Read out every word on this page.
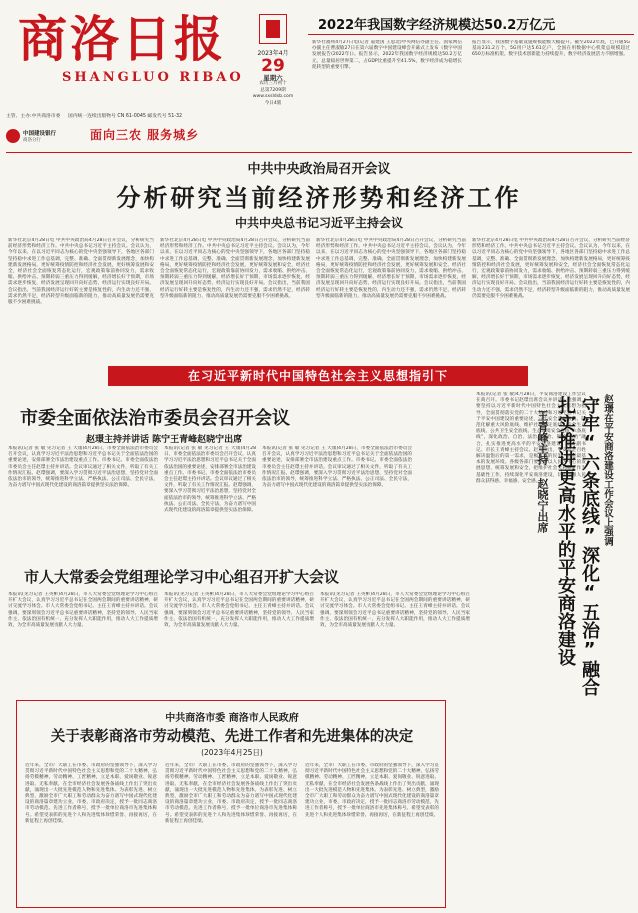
商洛日报
SHANGLUO RIBAO
主管、主办:中共商洛市委 国内统一连续出版物号 CN 61-0045 邮发代号 51-32
中国建设银行
商洛分行	面向三农 服务城乡
2023年4月
29
星期六
农历三月初十
总第7209期
www.sxsldsb.com
今日4版
2022年我国数字经济规模达50.2万亿元
新华社福州4月27日电(记者 董建国 王思北)中央网信办副主任、国家网信办副主任曹淑敏27日在第六届数字中国建设峰会开幕式上发布《数字中国发展报告(2022年)》。报告显示，2022年我国数字经济规模达50.2万亿元，总量稳居世界第二，占GDP比重提升至41.5%，数字经济成为稳增长促转型的重要引擎。
报告显示，我国数字基础设施规模能级大幅提升。截至2022年底，已开通5G基站231.2万个，5G用户达5.61亿户，全国在用数据中心机架总规模超过650万标准机架。数字技术创新能力持续提升，数字经济发展活力不断增强。
中共中央政治局召开会议
分析研究当前经济形势和经济工作
中共中央总书记习近平主持会议
新华社北京4月28日电 中共中央政治局4月28日召开会议，分析研究当前经济形势和经济工作。中共中央总书记习近平主持会议。会议认为，今年以来，在以习近平同志为核心的党中央坚强领导下，各地区各部门坚持稳中求进工作总基调，完整、准确、全面贯彻新发展理念，加快构建新发展格局，更好统筹疫情防控和经济社会发展，更好统筹发展和安全，经济社会全面恢复常态化运行，宏观政策靠前协同发力，需求收缩、供给冲击、预期转弱三重压力得到缓解，经济增长好于预期，市场需求逐步恢复，经济发展呈现回升向好态势，经济运行实现良好开局。会议指出，当前我国经济运行好转主要是恢复性的，内生动力还不强，需求仍然不足，经济转型升级面临新的阻力，推动高质量发展仍需要克服不少困难挑战。
新华社北京4月28日电 中共中央政治局4月28日召开会议，分析研究当前经济形势和经济工作。中共中央总书记习近平主持会议。会议认为，今年以来，在以习近平同志为核心的党中央坚强领导下，各地区各部门坚持稳中求进工作总基调，完整、准确、全面贯彻新发展理念，加快构建新发展格局，更好统筹疫情防控和经济社会发展，更好统筹发展和安全，经济社会全面恢复常态化运行，宏观政策靠前协同发力，需求收缩、供给冲击、预期转弱三重压力得到缓解，经济增长好于预期，市场需求逐步恢复，经济发展呈现回升向好态势，经济运行实现良好开局。会议指出，当前我国经济运行好转主要是恢复性的，内生动力还不强，需求仍然不足，经济转型升级面临新的阻力，推动高质量发展仍需要克服不少困难挑战。
新华社北京4月28日电 中共中央政治局4月28日召开会议，分析研究当前经济形势和经济工作。中共中央总书记习近平主持会议。会议认为，今年以来，在以习近平同志为核心的党中央坚强领导下，各地区各部门坚持稳中求进工作总基调，完整、准确、全面贯彻新发展理念，加快构建新发展格局，更好统筹疫情防控和经济社会发展，更好统筹发展和安全，经济社会全面恢复常态化运行，宏观政策靠前协同发力，需求收缩、供给冲击、预期转弱三重压力得到缓解，经济增长好于预期，市场需求逐步恢复，经济发展呈现回升向好态势，经济运行实现良好开局。会议指出，当前我国经济运行好转主要是恢复性的，内生动力还不强，需求仍然不足，经济转型升级面临新的阻力，推动高质量发展仍需要克服不少困难挑战。
新华社北京4月28日电 中共中央政治局4月28日召开会议，分析研究当前经济形势和经济工作。中共中央总书记习近平主持会议。会议认为，今年以来，在以习近平同志为核心的党中央坚强领导下，各地区各部门坚持稳中求进工作总基调，完整、准确、全面贯彻新发展理念，加快构建新发展格局，更好统筹疫情防控和经济社会发展，更好统筹发展和安全，经济社会全面恢复常态化运行，宏观政策靠前协同发力，需求收缩、供给冲击、预期转弱三重压力得到缓解，经济增长好于预期，市场需求逐步恢复，经济发展呈现回升向好态势，经济运行实现良好开局。会议指出，当前我国经济运行好转主要是恢复性的，内生动力还不强，需求仍然不足，经济转型升级面临新的阻力，推动高质量发展仍需要克服不少困难挑战。
在习近平新时代中国特色社会主义思想指引下
市委全面依法治市委员会召开会议
赵璟主持并讲话 陈宁王青峰赵晓宁出席
本报讯(记者 张 敏 见习记者 王 大康)4月28日，市委全面依法治市委员会召开会议，认真学习习近平法治思想和习近平总书记关于全面依法治国的重要论述，安排部署全市法治建设重点工作。市委书记、市委全面依法治市委员会主任赵璟主持并讲话。会议审议通过了相关文件，听取了有关工作情况汇报。赵璟强调，要深入学习贯彻习近平法治思想，坚持党对全面依法治市的领导，统筹推进科学立法、严格执法、公正司法、全民守法，为奋力谱写中国式现代化建设的商洛篇章提供坚实法治保障。
本报讯(记者 张 敏 见习记者 王 大康)4月28日，市委全面依法治市委员会召开会议，认真学习习近平法治思想和习近平总书记关于全面依法治国的重要论述，安排部署全市法治建设重点工作。市委书记、市委全面依法治市委员会主任赵璟主持并讲话。会议审议通过了相关文件，听取了有关工作情况汇报。赵璟强调，要深入学习贯彻习近平法治思想，坚持党对全面依法治市的领导，统筹推进科学立法、严格执法、公正司法、全民守法，为奋力谱写中国式现代化建设的商洛篇章提供坚实法治保障。
本报讯(记者 张 敏 见习记者 王 大康)4月28日，市委全面依法治市委员会召开会议，认真学习习近平法治思想和习近平总书记关于全面依法治国的重要论述，安排部署全市法治建设重点工作。市委书记、市委全面依法治市委员会主任赵璟主持并讲话。会议审议通过了相关文件，听取了有关工作情况汇报。赵璟强调，要深入学习贯彻习近平法治思想，坚持党对全面依法治市的领导，统筹推进科学立法、严格执法、公正司法、全民守法，为奋力谱写中国式现代化建设的商洛篇章提供坚实法治保障。
市人大常委会党组理论学习中心组召开扩大会议
本报讯(见习记者 王英彬)4月28日，市人大常委会党组理论学习中心组召开扩大会议，认真学习习近平总书记在全国两会期间的重要讲话精神，研讨交流学习体会。市人大常委会党组书记、主任王青峰主持并讲话。会议强调，要深刻领会习近平总书记重要讲话精神，坚持党的领导、人民当家作主、依法治国有机统一，充分发挥人大职能作用，推动人大工作提质增效，为全市高质量发展贡献人大力量。
本报讯(见习记者 王英彬)4月28日，市人大常委会党组理论学习中心组召开扩大会议，认真学习习近平总书记在全国两会期间的重要讲话精神，研讨交流学习体会。市人大常委会党组书记、主任王青峰主持并讲话。会议强调，要深刻领会习近平总书记重要讲话精神，坚持党的领导、人民当家作主、依法治国有机统一，充分发挥人大职能作用，推动人大工作提质增效，为全市高质量发展贡献人大力量。
本报讯(见习记者 王英彬)4月28日，市人大常委会党组理论学习中心组召开扩大会议，认真学习习近平总书记在全国两会期间的重要讲话精神，研讨交流学习体会。市人大常委会党组书记、主任王青峰主持并讲话。会议强调，要深刻领会习近平总书记重要讲话精神，坚持党的领导、人民当家作主、依法治国有机统一，充分发挥人大职能作用，推动人大工作提质增效，为全市高质量发展贡献人大力量。
本报讯(记者 张 敏)4月28日，平安商洛建设工作会议在商召开。市委书记赵璟出席会议并讲话。他强调，要坚持以习近平新时代中国特色社会主义思想为指导，全面贯彻落实党的二十大精神和习近平总书记关于平安中国建设的重要论述，守牢安全发展底线、防范化解重大风险底线、维护社会稳定底线、安全生产底线、公共卫生安全底线、生态环境安全底线“六条底线”，深化政治、自治、法治、德治、智治“五治”融合，扎实推进更高水平的平安商洛建设。市委副书记、市长王青峰主持会议。赵璟指出，平安是老百姓解决温饱后的第一需求，是极重要的民生，也是最基本的发展环境。各级各部门要坚持以人民为中心的发展思想，统筹发展和安全，把维护社会大局稳定作为基础性工作，持续深化平安商洛建设，切实增强人民群众获得感、幸福感、安全感。	赵璟在平安商洛建设工作会议上强调
守牢“六条底线”深化“五治”融合
扎实推进更高水平的平安商洛建设
王青峰主持 赵晓宁出席
中共商洛市委 商洛市人民政府
关于表彰商洛市劳动模范、先进工作者和先进集体的决定
(2023年4月25日)
近年来，全市广大职工在市委、市政府的坚强领导下，深入学习贯彻习近平新时代中国特色社会主义思想和党的二十大精神，弘扬劳模精神、劳动精神、工匠精神，立足本职、爱岗敬业、锐意进取、无私奉献，在全市经济社会发展各条战线上作出了突出贡献，涌现出一大批先进模范人物和先进集体。为表彰先进、树立典型，激励全市广大职工和劳动群众为奋力谱写中国式现代化建设的商洛篇章建功立业，市委、市政府决定，授予一批同志商洛市劳动模范、先进工作者称号，授予一批单位商洛市先进集体称号。希望受表彰的先进个人和先进集体珍惜荣誉、再接再厉，在新征程上再创佳绩。
近年来，全市广大职工在市委、市政府的坚强领导下，深入学习贯彻习近平新时代中国特色社会主义思想和党的二十大精神，弘扬劳模精神、劳动精神、工匠精神，立足本职、爱岗敬业、锐意进取、无私奉献，在全市经济社会发展各条战线上作出了突出贡献，涌现出一大批先进模范人物和先进集体。为表彰先进、树立典型，激励全市广大职工和劳动群众为奋力谱写中国式现代化建设的商洛篇章建功立业，市委、市政府决定，授予一批同志商洛市劳动模范、先进工作者称号，授予一批单位商洛市先进集体称号。希望受表彰的先进个人和先进集体珍惜荣誉、再接再厉，在新征程上再创佳绩。
近年来，全市广大职工在市委、市政府的坚强领导下，深入学习贯彻习近平新时代中国特色社会主义思想和党的二十大精神，弘扬劳模精神、劳动精神、工匠精神，立足本职、爱岗敬业、锐意进取、无私奉献，在全市经济社会发展各条战线上作出了突出贡献，涌现出一大批先进模范人物和先进集体。为表彰先进、树立典型，激励全市广大职工和劳动群众为奋力谱写中国式现代化建设的商洛篇章建功立业，市委、市政府决定，授予一批同志商洛市劳动模范、先进工作者称号，授予一批单位商洛市先进集体称号。希望受表彰的先进个人和先进集体珍惜荣誉、再接再厉，在新征程上再创佳绩。
